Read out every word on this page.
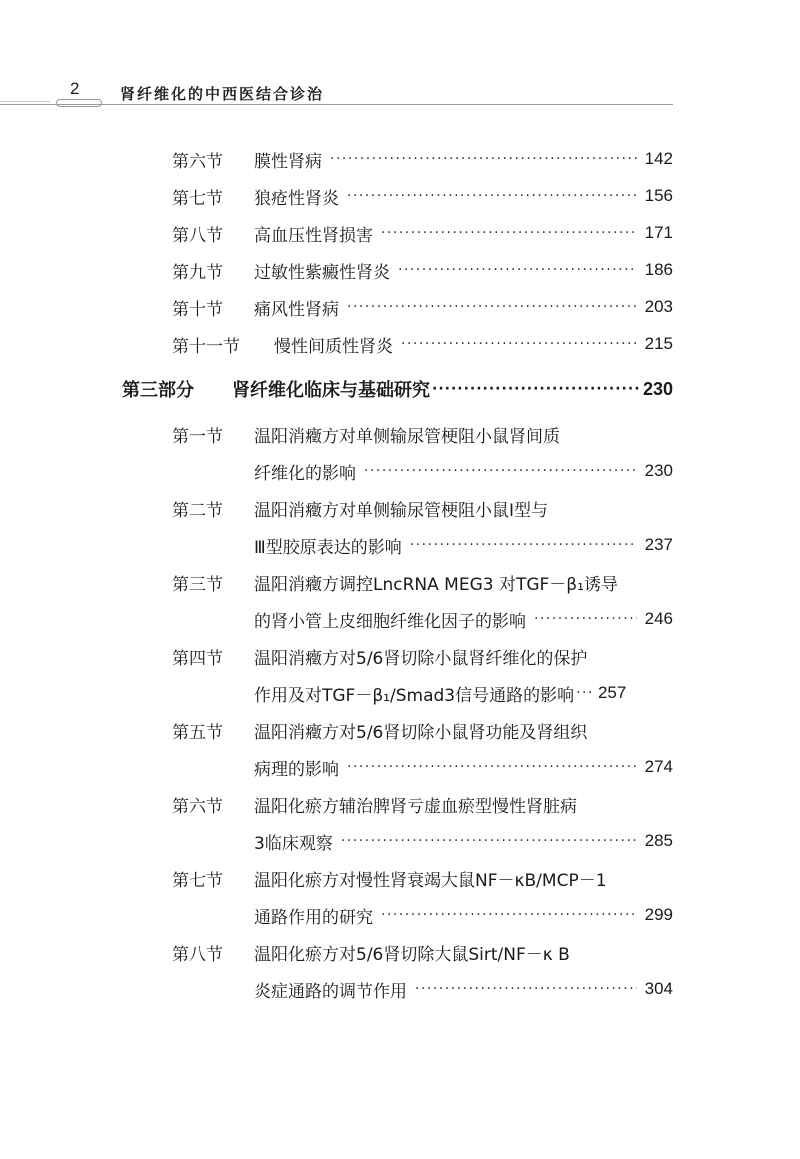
2	肾纤维化的中西医结合诊治
第六节	膜性肾病 ·····	142
第七节	狼疮性肾炎 ·····	156
第八节	高血压性肾损害 ·····	171
第九节	过敏性紫癜性肾炎 ·····	186
第十节	痛风性肾病 ·····	203
第十一节	慢性间质性肾炎 ·····	215
第三部分	肾纤维化临床与基础研究 ·····	230
第一节	温阳消癥方对单侧输尿管梗阻小鼠肾间质
纤维化的影响 ·····	230
第二节	温阳消癥方对单侧输尿管梗阻小鼠Ⅰ型与
Ⅲ型胶原表达的影响 ·····	237
第三节	温阳消癥方调控LncRNA MEG3 对TGF－β₁诱导
的肾小管上皮细胞纤维化因子的影响 ·····	246
第四节	温阳消癥方对5/6肾切除小鼠肾纤维化的保护
作用及对TGF－β₁/Smad3信号通路的影响 ··· 257
第五节	温阳消癥方对5/6肾切除小鼠肾功能及肾组织
病理的影响 ·····	274
第六节	温阳化瘀方辅治脾肾亏虚血瘀型慢性肾脏病
3临床观察 ·····	285
第七节	温阳化瘀方对慢性肾衰竭大鼠NF－κB/MCP－1
通路作用的研究 ·····	299
第八节	温阳化瘀方对5/6肾切除大鼠Sirt/NF－κ B
炎症通路的调节作用 ·····	304
